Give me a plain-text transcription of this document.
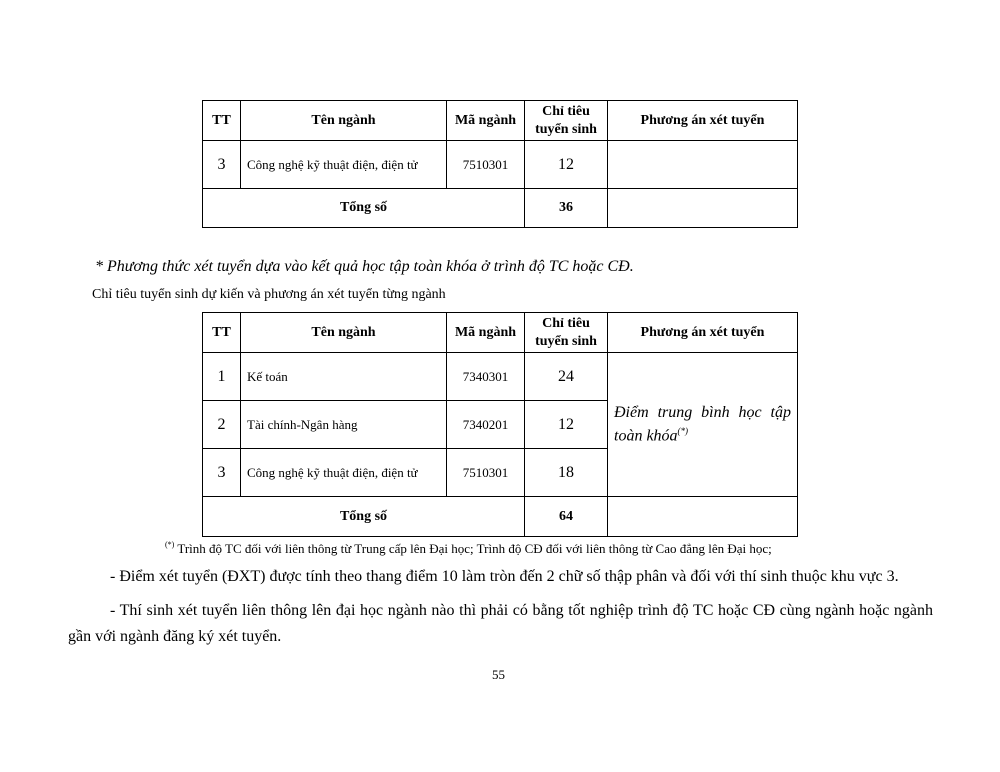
TT	Tên ngành	Mã ngành	Chỉ tiêu tuyển sinh	Phương án xét tuyển
3	Công nghệ kỹ thuật điện, điện tử	7510301	12	
Tổng số			36	

* Phương thức xét tuyển dựa vào kết quả học tập toàn khóa ở trình độ TC hoặc CĐ.

Chỉ tiêu tuyển sinh dự kiến và phương án xét tuyển từng ngành

TT	Tên ngành	Mã ngành	Chỉ tiêu tuyển sinh	Phương án xét tuyển
1	Kế toán	7340301	24	Điểm trung bình học tập toàn khóa(*)
2	Tài chính-Ngân hàng	7340201	12	
3	Công nghệ kỹ thuật điện, điện tử	7510301	18	
Tổng số			64	

(*) Trình độ TC đối với liên thông từ Trung cấp lên Đại học; Trình độ CĐ đối với liên thông từ Cao đẳng lên Đại học;

- Điểm xét tuyển (ĐXT) được tính theo thang điểm 10 làm tròn đến 2 chữ số thập phân và đối với thí sinh thuộc khu vực 3.

- Thí sinh xét tuyển liên thông lên đại học ngành nào thì phải có bằng tốt nghiệp trình độ TC hoặc CĐ cùng ngành hoặc ngành gần với ngành đăng ký xét tuyển.

55
